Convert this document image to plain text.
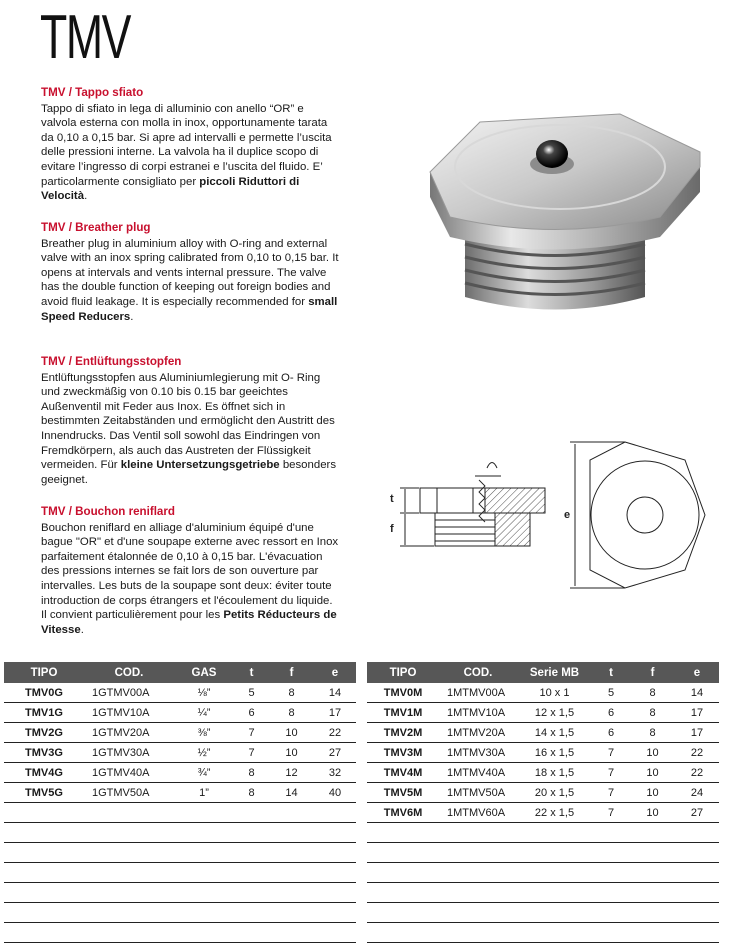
TMV

TMV / Tappo sfiato

Tappo di sfiato in lega di alluminio con anello “OR” e valvola esterna con molla in inox, opportunamente tarata da 0,10 a 0,15 bar. Si apre ad intervalli e permette l’uscita delle pressioni interne. La valvola ha il duplice scopo di evitare l’ingresso di corpi estranei e l’uscita del fluido. E’ particolarmente consigliato per piccoli Riduttori di Velocità.

TMV / Breather plug

Breather plug in aluminium alloy with O-ring and external valve with an inox spring calibrated from 0,10 to 0,15 bar. It opens at intervals and vents internal pressure. The valve has the double function of keeping out foreign bodies and avoid fluid leakage. It is especially recommended for small Speed Reducers.

TMV / Entlüftungsstopfen

Entlüftungsstopfen aus Aluminiumlegierung mit O- Ring und zweckmäßig von 0.10 bis 0.15 bar geeichtes Außenventil mit Feder aus Inox. Es öffnet sich in bestimmten Zeitabständen und ermöglicht den Austritt des Innendrucks. Das Ventil soll sowohl das Eindringen von Fremdkörpern, als auch das Austreten der Flüssigkeit vermeiden. Für kleine Untersetzungsgetriebe besonders geeignet.

TMV / Bouchon reniflard

Bouchon reniflard en alliage d'aluminium équipé d'une bague "OR" et d'une soupape externe avec ressort en Inox parfaitement étalonnée de 0,10 à 0,15 bar. L'évacuation des pressions internes se fait lors de son ouverture par intervalles. Les buts de la soupape sont deux: éviter toute introduction de corps étrangers et l'écoulement du liquide. Il convient particulièrement pour les Petits Réducteurs de Vitesse.

t
f
e
TIPO	COD.	GAS	t	f	e
TMV0G	1GTMV00A	⅛”	5	8	14
TMV1G	1GTMV10A	¼”	6	8	17
TMV2G	1GTMV20A	⅜”	7	10	22
TMV3G	1GTMV30A	½”	7	10	27
TMV4G	1GTMV40A	¾”	8	12	32
TMV5G	1GTMV50A	1”	8	14	40

TIPO	COD.	Serie MB	t	f	e
TMV0M	1MTMV00A	10 x 1	5	8	14
TMV1M	1MTMV10A	12 x 1,5	6	8	17
TMV2M	1MTMV20A	14 x 1,5	6	8	17
TMV3M	1MTMV30A	16 x 1,5	7	10	22
TMV4M	1MTMV40A	18 x 1,5	7	10	22
TMV5M	1MTMV50A	20 x 1,5	7	10	24
TMV6M	1MTMV60A	22 x 1,5	7	10	27
